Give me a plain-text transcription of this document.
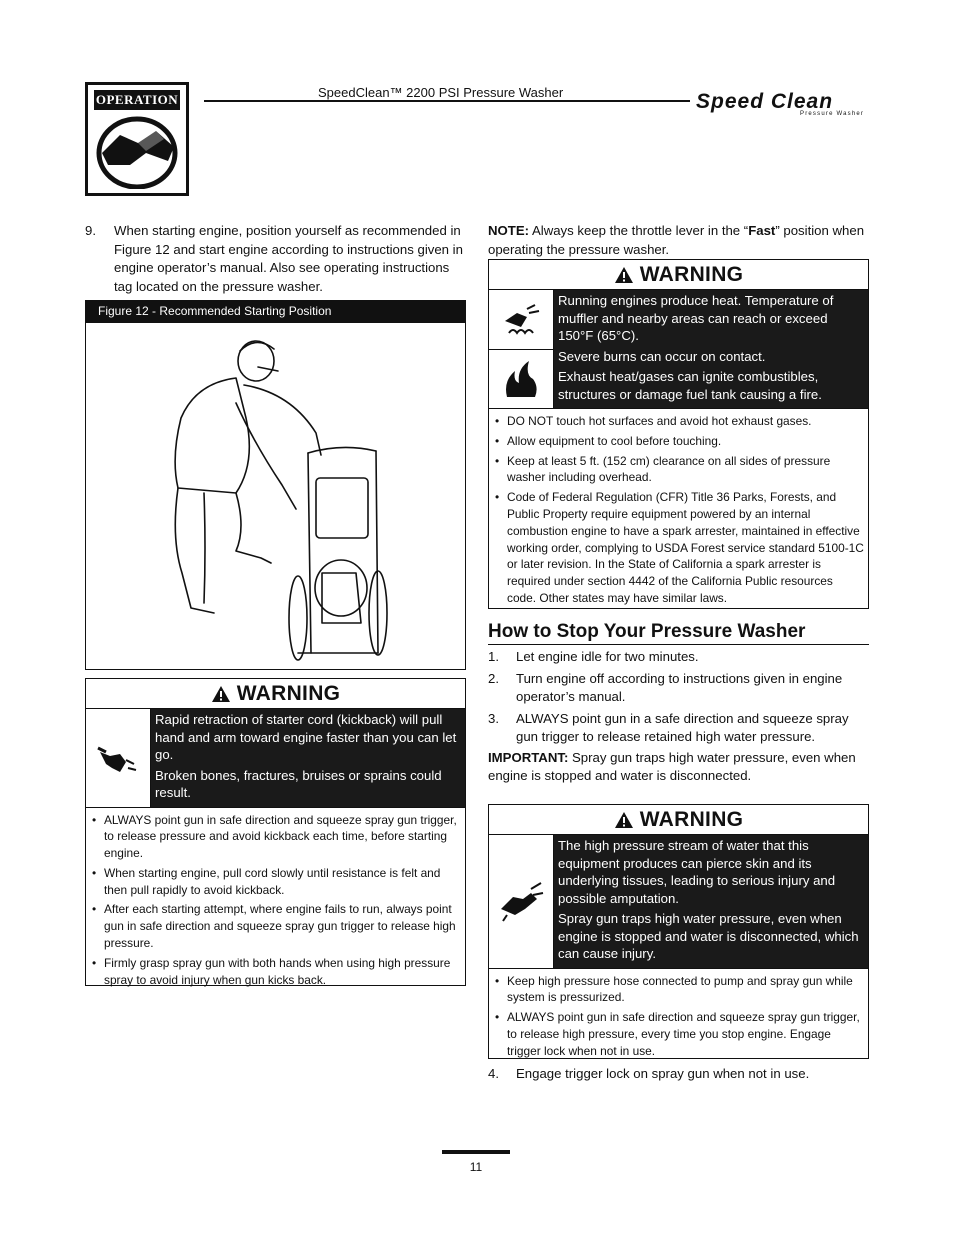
OPERATION	SpeedClean™ 2200 PSI Pressure Washer	Speed Clean
Pressure Washer
9. When starting engine, position yourself as recommended in Figure 12 and start engine according to instructions given in engine operator’s manual. Also see operating instructions tag located on the pressure washer.
Figure 12 - Recommended Starting Position
WARNING

Rapid retraction of starter cord (kickback) will pull hand and arm toward engine faster than you can let go.

Broken bones, fractures, bruises or sprains could result.

• ALWAYS point gun in safe direction and squeeze spray gun trigger, to release pressure and avoid kickback each time, before starting engine.
• When starting engine, pull cord slowly until resistance is felt and then pull rapidly to avoid kickback.
• After each starting attempt, where engine fails to run, always point gun in safe direction and squeeze spray gun trigger to release high pressure.
• Firmly grasp spray gun with both hands when using high pressure spray to avoid injury when gun kicks back.
NOTE: Always keep the throttle lever in the “Fast” position when operating the pressure washer.
WARNING

Running engines produce heat. Temperature of muffler and nearby areas can reach or exceed 150°F (65°C).

Severe burns can occur on contact.

Exhaust heat/gases can ignite combustibles, structures or damage fuel tank causing a fire.

• DO NOT touch hot surfaces and avoid hot exhaust gases.
• Allow equipment to cool before touching.
• Keep at least 5 ft. (152 cm) clearance on all sides of pressure washer including overhead.
• Code of Federal Regulation (CFR) Title 36 Parks, Forests, and Public Property require equipment powered by an internal combustion engine to have a spark arrester, maintained in effective working order, complying to USDA Forest service standard 5100-1C or later revision. In the State of California a spark arrester is required under section 4442 of the California Public resources code. Other states may have similar laws.
How to Stop Your Pressure Washer
1. Let engine idle for two minutes.
2. Turn engine off according to instructions given in engine operator’s manual.
3. ALWAYS point gun in a safe direction and squeeze spray gun trigger to release retained high water pressure.
IMPORTANT: Spray gun traps high water pressure, even when engine is stopped and water is disconnected.
WARNING

The high pressure stream of water that this equipment produces can pierce skin and its underlying tissues, leading to serious injury and possible amputation.

Spray gun traps high water pressure, even when engine is stopped and water is disconnected, which can cause injury.

• Keep high pressure hose connected to pump and spray gun while system is pressurized.
• ALWAYS point gun in safe direction and squeeze spray gun trigger, to release high pressure, every time you stop engine. Engage trigger lock when not in use.
4. Engage trigger lock on spray gun when not in use.
11
